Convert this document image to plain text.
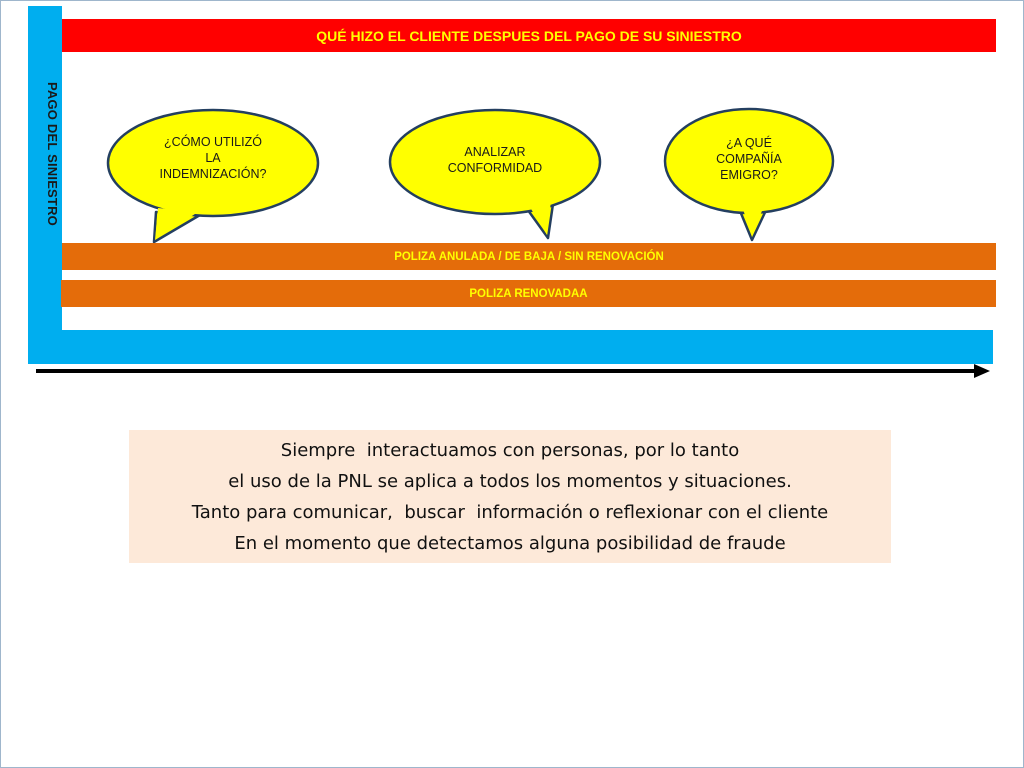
PAGO DEL SINIESTRO
QUÉ HIZO EL CLIENTE DESPUES DEL PAGO DE SU SINIESTRO
¿CÓMO UTILIZÓ
LA
INDEMNIZACIÓN?
ANALIZAR
CONFORMIDAD
¿A QUÉ
COMPAÑÍA
EMIGRO?
POLIZA ANULADA / DE BAJA / SIN RENOVACIÓN
POLIZA RENOVADAA
Siempre  interactuamos con personas, por lo tanto
el uso de la PNL se aplica a todos los momentos y situaciones.
Tanto para comunicar,  buscar  información o reflexionar con el cliente
En el momento que detectamos alguna posibilidad de fraude
